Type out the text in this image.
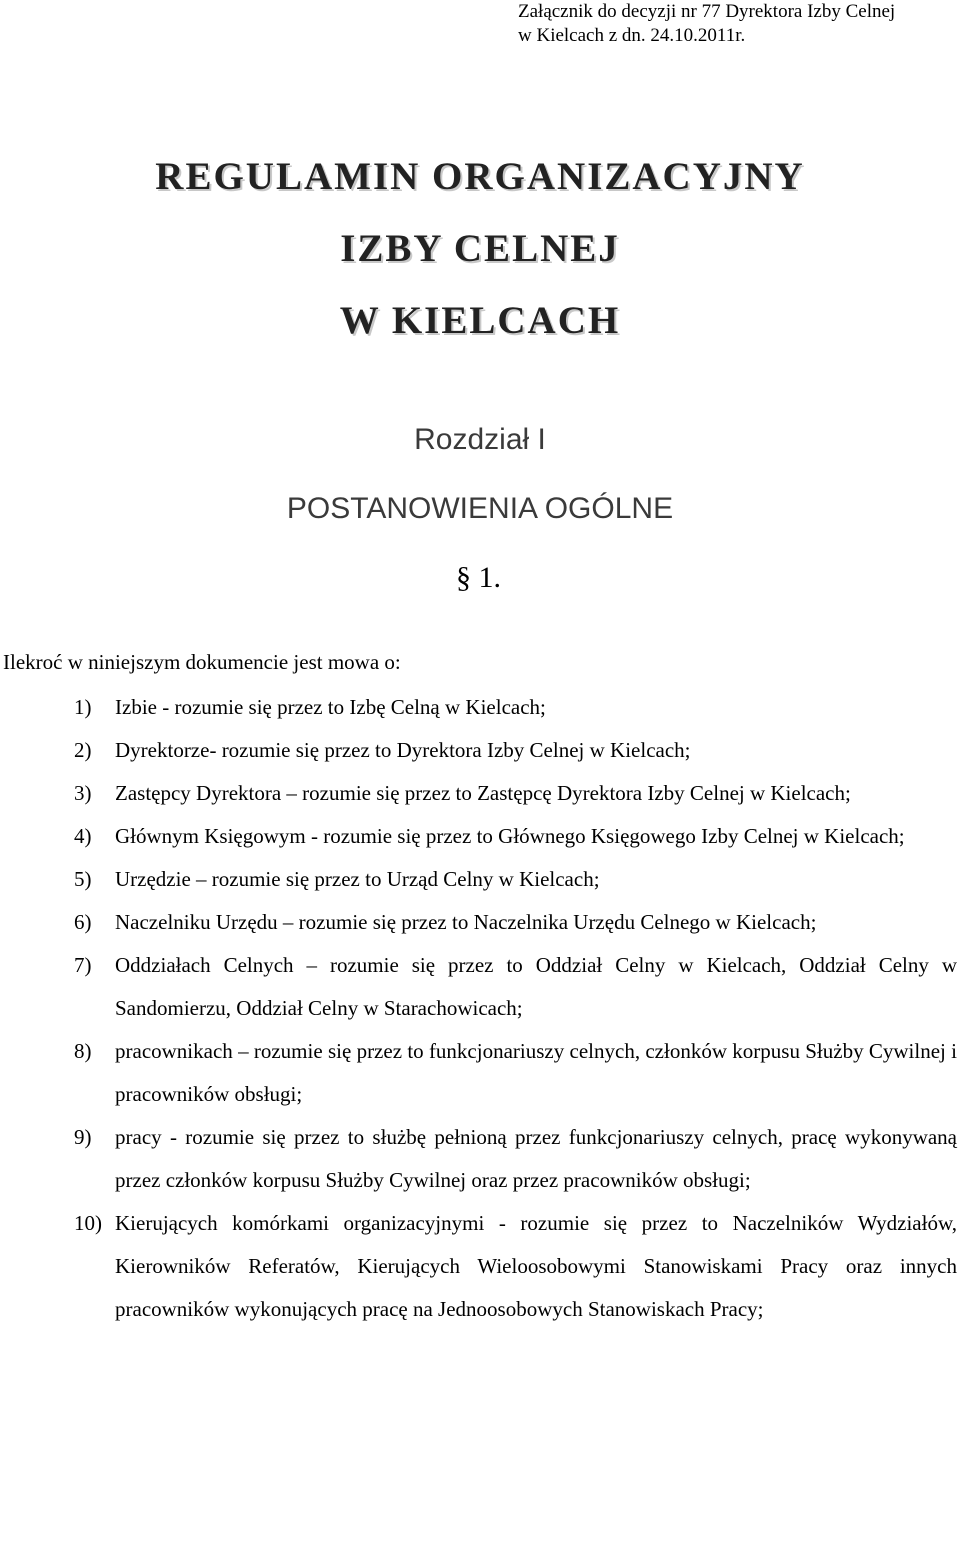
Załącznik do decyzji nr 77 Dyrektora Izby Celnej
w Kielcach z dn. 24.10.2011r.
REGULAMIN ORGANIZACYJNY
IZBY CELNEJ
W KIELCACH
Rozdział I
POSTANOWIENIA OGÓLNE
§ 1.
Ilekroć w niniejszym dokumencie jest mowa o:
1)	Izbie - rozumie się przez to Izbę Celną w Kielcach;
2)	Dyrektorze- rozumie się przez to Dyrektora Izby Celnej w Kielcach;
3)	Zastępcy Dyrektora – rozumie się przez to Zastępcę Dyrektora Izby Celnej w Kielcach;
4)	Głównym Księgowym - rozumie się przez to Głównego Księgowego Izby Celnej w Kielcach;
5)	Urzędzie – rozumie się przez to Urząd Celny w Kielcach;
6)	Naczelniku Urzędu – rozumie się przez to Naczelnika Urzędu Celnego w Kielcach;
7)	Oddziałach Celnych – rozumie się przez to Oddział Celny w Kielcach, Oddział Celny w Sandomierzu, Oddział Celny w Starachowicach;
8)	pracownikach – rozumie się przez to funkcjonariuszy celnych, członków korpusu Służby Cywilnej i pracowników obsługi;
9)	pracy - rozumie się przez to służbę pełnioną przez funkcjonariuszy celnych, pracę wykonywaną przez członków korpusu Służby Cywilnej oraz przez pracowników obsługi;
10) Kierujących komórkami organizacyjnymi - rozumie się przez to Naczelników Wydziałów, Kierowników Referatów, Kierujących Wieloosobowymi Stanowiskami Pracy oraz innych pracowników wykonujących pracę na Jednoosobowych Stanowiskach Pracy;
